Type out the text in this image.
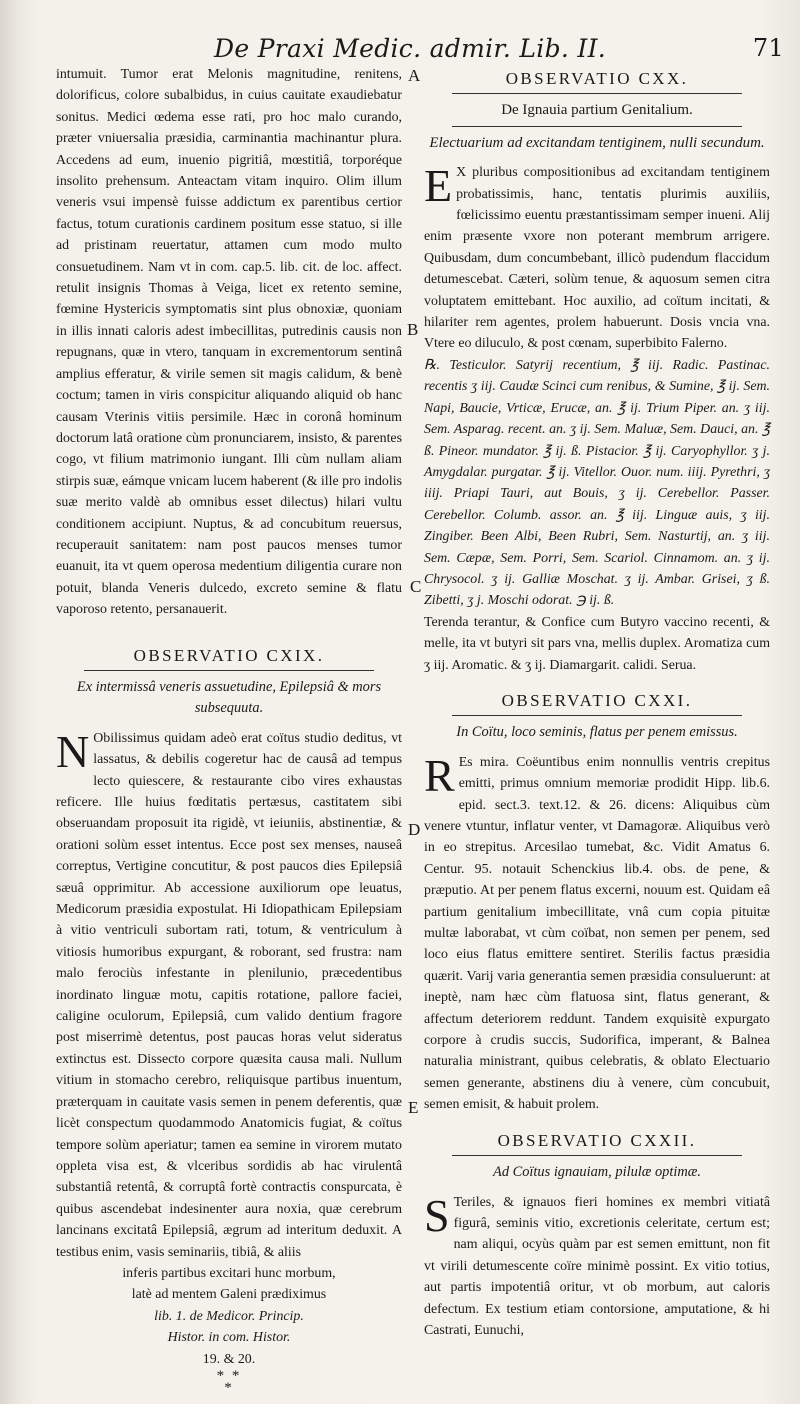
De Praxi Medic. admir. Lib. II.	71
A
B
C
D
E

intumuit. Tumor erat Melonis magnitudine, renitens, dolorificus, colore subalbidus, in cuius cauitate exaudiebatur sonitus. Medici œdema esse rati, pro hoc malo curando, præter vniuersalia præsidia, carminantia machinantur plura. Accedens ad eum, inuenio pigritiâ, mœstitiâ, torporéque insolito prehensum. Anteactam vitam inquiro. Olim illum veneris vsui impensè fuisse addictum ex parentibus certior factus, totum curationis cardinem positum esse statuo, si ille ad pristinam reuertatur, attamen cum modo multo consuetudinem. Nam vt in com. cap.5. lib. cit. de loc. affect. retulit insignis Thomas à Veiga, licet ex retento semine, fœmine Hystericis symptomatis sint plus obnoxiæ, quoniam in illis innati caloris adest imbecillitas, putredinis causis non repugnans, quæ in vtero, tanquam in excrementorum sentinâ amplius efferatur, & virile semen sit magis calidum, & benè coctum; tamen in viris conspicitur aliquando aliquid ob hanc causam Vterinis vitiis persimile. Hæc in coronâ hominum doctorum latâ oratione cùm pronunciarem, insisto, & parentes cogo, vt filium matrimonio iungant. Illi cùm nullam aliam stirpis suæ, eámque vnicam lucem haberent (& ille pro indolis suæ merito valdè ab omnibus esset dilectus) hilari vultu conditionem accipiunt. Nuptus, & ad concubitum reuersus, recuperauit sanitatem: nam post paucos menses tumor euanuit, ita vt quem operosa medentium diligentia curare non potuit, blanda Veneris dulcedo, excreto semine & flatu vaporoso retento, persanauerit.

OBSERVATIO CXIX.
Ex intermissâ veneris assuetudine, Epilepsiâ & mors subsequuta.

N Obilissimus quidam adeò erat coïtus studio deditus, vt lassatus, & debilis cogeretur hac de causâ ad tempus lecto quiescere, & restaurante cibo vires exhaustas reficere. Ille huius fœditatis pertæsus, castitatem sibi obseruandam proposuit ita rigidè, vt ieiuniis, abstinentiæ, & orationi solùm esset intentus. Ecce post sex menses, nauseâ correptus, Vertigine concutitur, & post paucos dies Epilepsiâ sæuâ opprimitur. Ab accessione auxiliorum ope leuatus, Medicorum præsidia expostulat. Hi Idiopathicam Epilepsiam à vitio ventriculi subortam rati, totum, & ventriculum à vitiosis humoribus expurgant, & roborant, sed frustra: nam malo ferociùs infestante in plenilunio, præcedentibus inordinato linguæ motu, capitis rotatione, pallore faciei, caligine oculorum, Epilepsiâ, cum valido dentium fragore post miserrimè detentus, post paucas horas velut sideratus extinctus est. Dissecto corpore quæsita causa mali. Nullum vitium in stomacho cerebro, reliquisque partibus inuentum, præterquam in cauitate vasis semen in penem deferentis, quæ licèt conspectum quodammodo Anatomicis fugiat, & coïtus tempore solùm aperiatur; tamen ea semine in virorem mutato oppleta visa est, & vlceribus sordidis ab hac virulentâ substantiâ retentâ, & corruptâ fortè contractis conspurcata, è quibus ascendebat indesinenter aura noxia, quæ cerebrum lancinans excitatâ Epilepsiâ, ægrum ad interitum deduxit. A testibus enim, vasis seminariis, tibiâ, & aliis

inferis partibus excitari hunc morbum,
latè ad mentem Galeni prædiximus
lib. 1. de Medicor. Princip.
Histor. in com. Histor.
19. & 20.
* *
*
OBSERVATIO CXX.
De Ignauia partium Genitalium.
Electuarium ad excitandam tentiginem, nulli secundum.

E X pluribus compositionibus ad excitandam tentiginem probatissimis, hanc, tentatis plurimis auxiliis, fœlicissimo euentu præstantissimam semper inueni. Alij enim præsente vxore non poterant membrum arrigere. Quibusdam, dum concumbebant, illicò pudendum flaccidum detumescebat. Cæteri, solùm tenue, & aquosum semen citra voluptatem emittebant. Hoc auxilio, ad coïtum incitati, & hilariter rem agentes, prolem habuerunt. Dosis vncia vna. Vtere eo diluculo, & post cœnam, superbibito Falerno.

℞. Testiculor. Satyrij recentium, ℥ iij. Radic. Pastinac. recentis ʒ iij. Caudæ Scinci cum renibus, & Sumine, ℥ ij. Sem. Napi, Baucie, Vrticæ, Erucæ, an. ℥ ij. Trium Piper. an. ʒ iij. Sem. Asparag. recent. an. ʒ ij. Sem. Maluæ, Sem. Dauci, an. ℥ ß. Pineor. mundator. ℥ ij. ß. Pistacior. ℥ ij. Caryophyllor. ʒ j. Amygdalar. purgatar. ℥ ij. Vitellor. Ouor. num. iiij. Pyrethri, ʒ iiij. Priapi Tauri, aut Bouis, ʒ ij. Cerebellor. Passer. Cerebellor. Columb. assor. an. ℥ iij. Linguæ auis, ʒ iij. Zingiber. Been Albi, Been Rubri, Sem. Nasturtij, an. ʒ iij. Sem. Cæpæ, Sem. Porri, Sem. Scariol. Cinnamom. an. ʒ ij. Chrysocol. ʒ ij. Galliæ Moschat. ʒ ij. Ambar. Grisei, ʒ ß. Zibetti, ʒ j. Moschi odorat. ℈ ij. ß.

Terenda terantur, & Confice cum Butyro vaccino recenti, & melle, ita vt butyri sit pars vna, mellis duplex. Aromatiza cum ʒ iij. Aromatic. & ʒ ij. Diamargarit. calidi. Serua.

OBSERVATIO CXXI.
In Coïtu, loco seminis, flatus per penem emissus.

R Es mira. Coëuntibus enim nonnullis ventris crepitus emitti, primus omnium memoriæ prodidit Hipp. lib.6. epid. sect.3. text.12. & 26. dicens: Aliquibus cùm venere vtuntur, inflatur venter, vt Damagoræ. Aliquibus verò in eo strepitus. Arcesilao tumebat, &c. Vidit Amatus 6. Centur. 95. notauit Schenckius lib.4. obs. de pene, & præputio. At per penem flatus excerni, nouum est. Quidam eâ partium genitalium imbecillitate, vnâ cum copia pituitæ multæ laborabat, vt cùm coïbat, non semen per penem, sed loco eius flatus emittere sentiret. Sterilis factus præsidia quærit. Varij varia generantia semen præsidia consuluerunt: at ineptè, nam hæc cùm flatuosa sint, flatus generant, & affectum deteriorem reddunt. Tandem exquisitè expurgato corpore à crudis succis, Sudorifica, imperant, & Balnea naturalia ministrant, quibus celebratis, & oblato Electuario semen generante, abstinens diu à venere, cùm concubuit, semen emisit, & habuit prolem.

OBSERVATIO CXXII.
Ad Coïtus ignauiam, pilulæ optimæ.

S Teriles, & ignauos fieri homines ex membri vitiatâ figurâ, seminis vitio, excretionis celeritate, certum est; nam aliqui, ocyùs quàm par est semen emittunt, non fit vt virili detumescente coïre minimè possint. Ex vitio totius, aut partis impotentiâ oritur, vt ob morbum, aut caloris defectum. Ex testium etiam contorsione, amputatione, & hi Castrati, Eunuchi,
